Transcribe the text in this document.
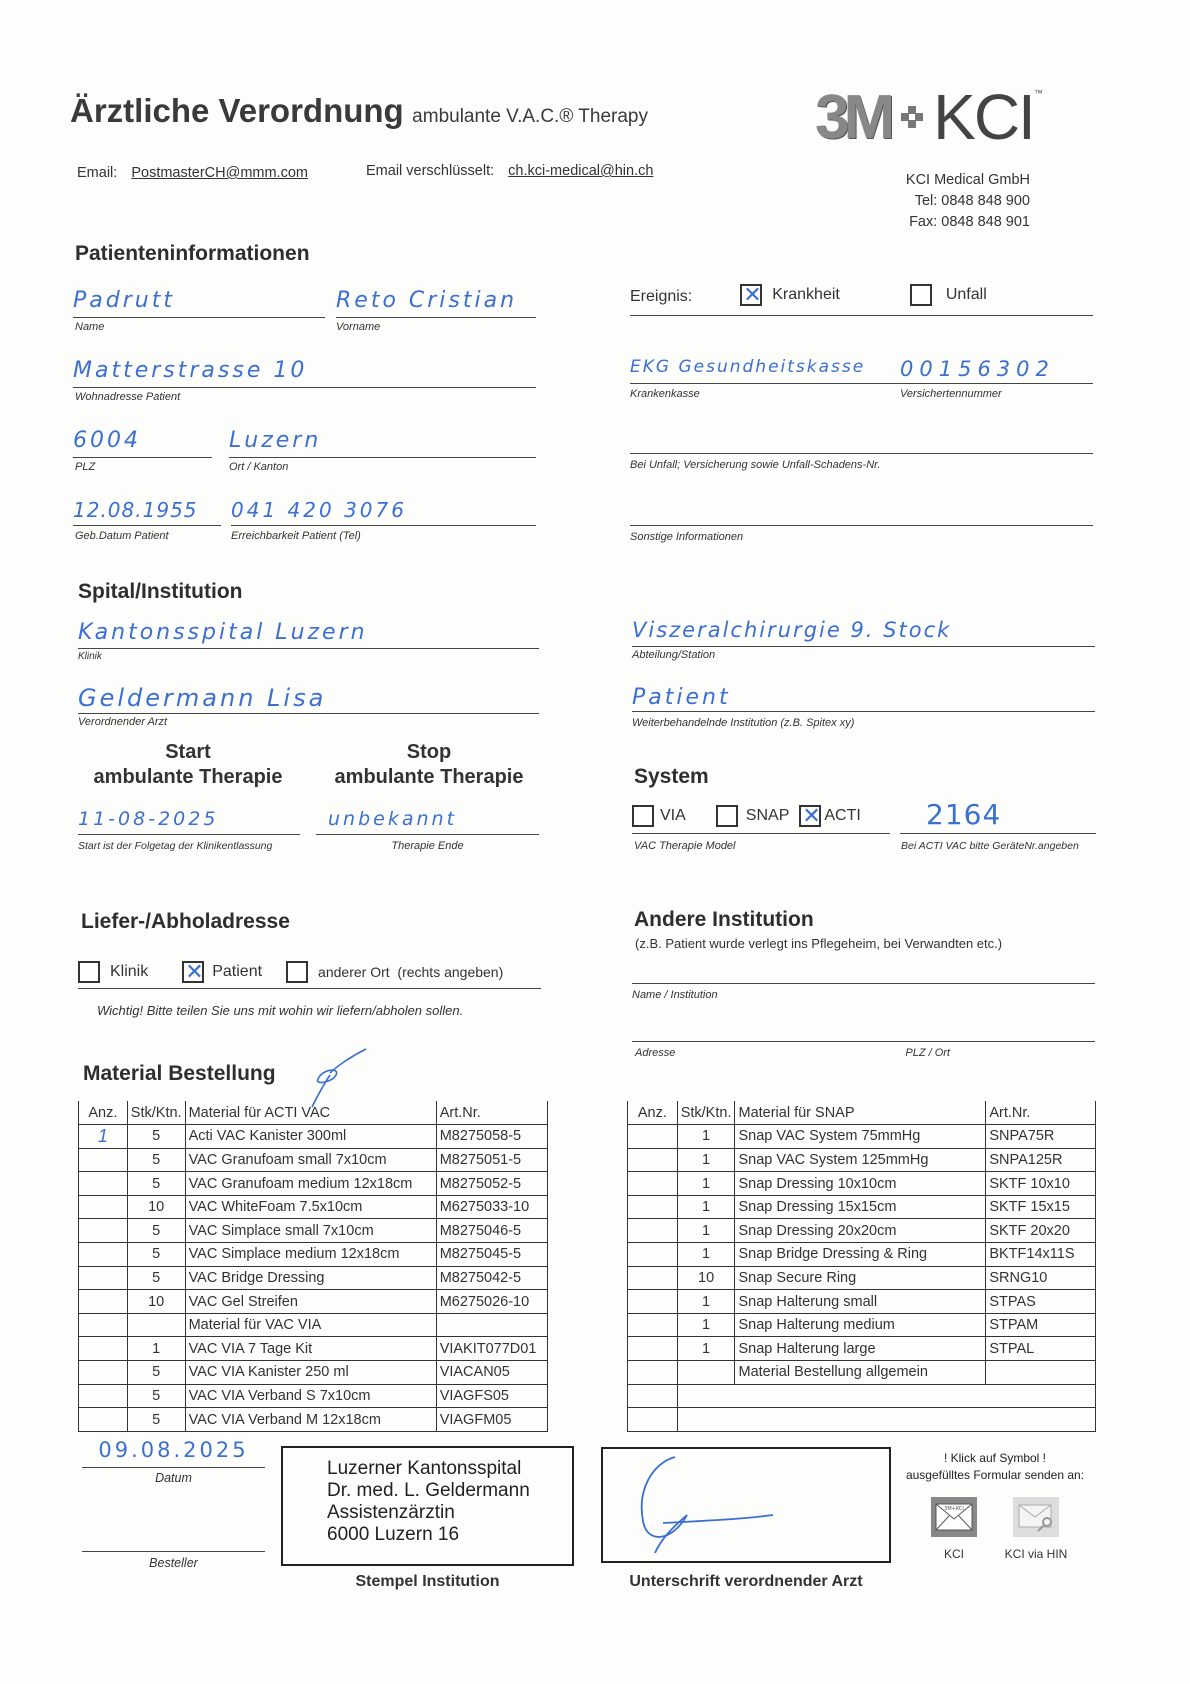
Ärztliche Verordnung ambulante V.A.C.® Therapy
Email: PostmasterCH@mmm.com	Email verschlüsselt: ch.kci-medical@hin.ch
3M KCI ™
KCI Medical GmbH
Tel: 0848 848 900
Fax: 0848 848 901
Patienteninformationen
Padrutt
Name
Reto Cristian
Vorname
Matterstrasse 10
Wohnadresse Patient
6004
PLZ
Luzern
Ort / Kanton
12.08.1955
Geb.Datum Patient
041 420 3076
Erreichbarkeit Patient (Tel)
Ereignis: ✕	Krankheit	Unfall
EKG Gesundheitskasse
Krankenkasse
00156302
Versichertennummer
Bei Unfall; Versicherung sowie Unfall-Schadens-Nr.
Sonstige Informationen
Spital/Institution
Kantonsspital Luzern
Klinik
Geldermann Lisa
Verordnender Arzt
Viszeralchirurgie 9. Stock
Abteilung/Station
Patient
Weiterbehandelnde Institution (z.B. Spitex xy)
Start
ambulante Therapie
Stop
ambulante Therapie
11-08-2025
Start ist der Folgetag der Klinikentlassung
unbekannt
Therapie Ende
System
VIA	SNAP ✕ ACTI
VAC Therapie Model
2164
Bei ACTI VAC bitte GeräteNr.angeben
Liefer-/Abholadresse
Klinik ✕	Patient	anderer Ort  (rechts angeben)
Wichtig! Bitte teilen Sie uns mit wohin wir liefern/abholen sollen.
Andere Institution
(z.B. Patient wurde verlegt ins Pflegeheim, bei Verwandten etc.)
Name / Institution
Adresse	PLZ / Ort
Material Bestellung
Anz.	Stk/Ktn.	Material für ACTI VAC	Art.Nr.
1	5	Acti VAC Kanister 300ml	M8275058-5
	5	VAC Granufoam small 7x10cm	M8275051-5
	5	VAC Granufoam medium 12x18cm	M8275052-5
	10	VAC WhiteFoam 7.5x10cm	M6275033-10
	5	VAC Simplace small 7x10cm	M8275046-5
	5	VAC Simplace medium 12x18cm	M8275045-5
	5	VAC Bridge Dressing	M8275042-5
	10	VAC Gel Streifen	M6275026-10
		Material für VAC VIA	
	1	VAC VIA 7 Tage Kit	VIAKIT077D01
	5	VAC VIA Kanister 250 ml	VIACAN05
	5	VAC VIA Verband S 7x10cm	VIAGFS05
	5	VAC VIA Verband M 12x18cm	VIAGFM05
Anz.	Stk/Ktn.	Material für SNAP	Art.Nr.
	1	Snap VAC System 75mmHg	SNPA75R
	1	Snap VAC System 125mmHg	SNPA125R
	1	Snap Dressing 10x10cm	SKTF 10x10
	1	Snap Dressing 15x15cm	SKTF 15x15
	1	Snap Dressing 20x20cm	SKTF 20x20
	1	Snap Bridge Dressing & Ring	BKTF14x11S
	10	Snap Secure Ring	SRNG10
	1	Snap Halterung small	STPAS
	1	Snap Halterung medium	STPAM
	1	Snap Halterung large	STPAL
		Material Bestellung allgemein	

09.08.2025
Datum
Besteller
Luzerner Kantonsspital
Dr. med. L. Geldermann
Assistenzärztin
6000 Luzern 16
Stempel Institution	Unterschrift verordnender Arzt
! Klick auf Symbol !
ausgefülltes Formular senden an:
3M+KCI
KCI	KCI via HIN
